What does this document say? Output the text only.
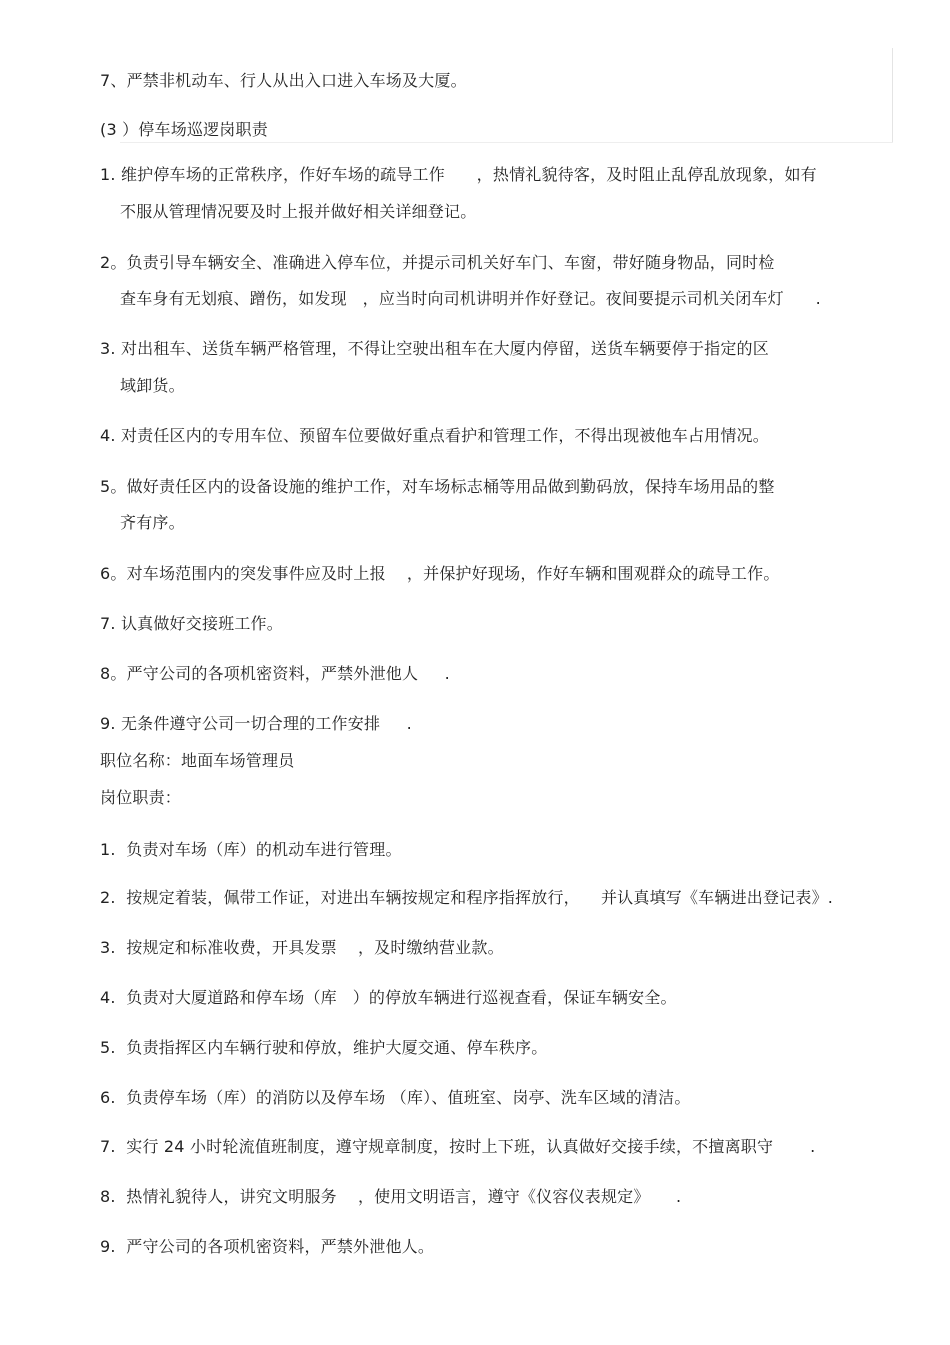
7、严禁非机动车、行人从出入口进入车场及大厦。
(3 ）停车场巡逻岗职责
1. 维护停车场的正常秩序，作好车场的疏导工作      ，热情礼貌待客，及时阻止乱停乱放现象，如有
不服从管理情况要及时上报并做好相关详细登记。
2。负责引导车辆安全、准确进入停车位，并提示司机关好车门、车窗，带好随身物品，同时检
查车身有无划痕、蹭伤，如发现   ，应当时向司机讲明并作好登记。夜间要提示司机关闭车灯      .
3. 对出租车、送货车辆严格管理，不得让空驶出租车在大厦内停留，送货车辆要停于指定的区
域卸货。
4. 对责任区内的专用车位、预留车位要做好重点看护和管理工作，不得出现被他车占用情况。
5。做好责任区内的设备设施的维护工作，对车场标志桶等用品做到勤码放，保持车场用品的整
齐有序。
6。对车场范围内的突发事件应及时上报    ，并保护好现场，作好车辆和围观群众的疏导工作。
7. 认真做好交接班工作。
8。严守公司的各项机密资料，严禁外泄他人     .
9. 无条件遵守公司一切合理的工作安排     .
职位名称：地面车场管理员
岗位职责：
1.  负责对车场（库）的机动车进行管理。
2.  按规定着装，佩带工作证，对进出车辆按规定和程序指挥放行，    并认真填写《车辆进出登记表》.
3.  按规定和标准收费，开具发票    ，及时缴纳营业款。
4.  负责对大厦道路和停车场（库   ）的停放车辆进行巡视查看，保证车辆安全。
5.  负责指挥区内车辆行驶和停放，维护大厦交通、停车秩序。
6.  负责停车场（库）的消防以及停车场 （库）、值班室、岗亭、洗车区域的清洁。
7.  实行 24 小时轮流值班制度，遵守规章制度，按时上下班，认真做好交接手续，不擅离职守       .
8.  热情礼貌待人，讲究文明服务    ，使用文明语言，遵守《仪容仪表规定》     .
9.  严守公司的各项机密资料，严禁外泄他人。
